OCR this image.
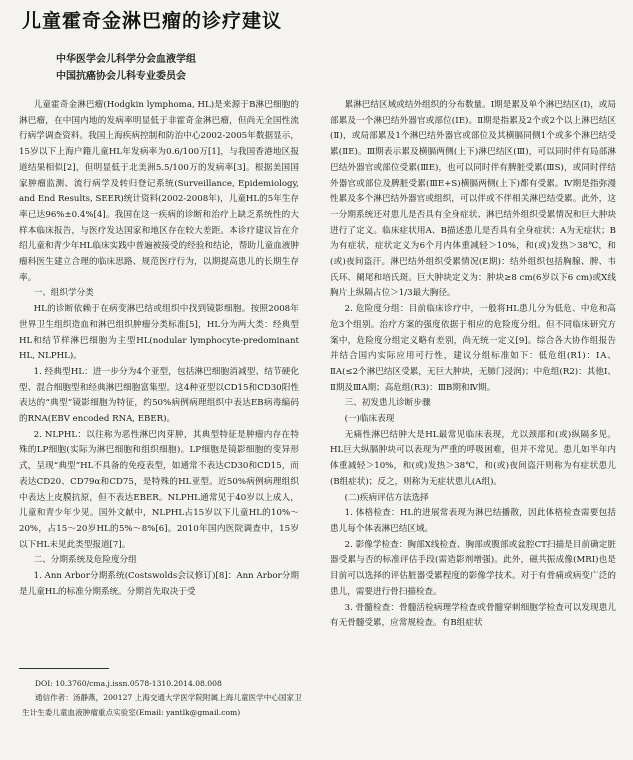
儿童霍奇金淋巴瘤的诊疗建议
中华医学会儿科学分会血液学组
中国抗癌协会儿科专业委员会

儿童霍奇金淋巴瘤(Hodgkin lymphoma, HL)是来源于B淋巴细胞的淋巴瘤，在中国内地的发病率明显低于非霍奇金淋巴瘤，但尚无全国性流行病学调查资料。我国上海疾病控制和防治中心2002-2005年数据显示，15岁以下上海户籍儿童HL年发病率为0.6/100万[1]，与我国香港地区报道结果相似[2]，但明显低于北美洲5.5/100万的发病率[3]。根据美国国家肿瘤监测、流行病学及转归登记系统(Surveillance, Epidemiology, and End Results, SEER)统计资料(2002-2008年)，儿童HL的5年生存率已达96%±0.4%[4]。我国在这一疾病的诊断和治疗上缺乏系统性的大样本临床报告，与医疗发达国家和地区存在较大差距。本诊疗建议旨在介绍儿童和青少年HL临床实践中普遍被接受的经验和结论，帮助儿童血液肿瘤科医生建立合理的临床思路、规范医疗行为，以期提高患儿的长期生存率。

一、组织学分类

HL的诊断依赖于在病变淋巴结或组织中找到镜影细胞。按照2008年世界卫生组织造血和淋巴组织肿瘤分类标准[5]，HL分为两大类：经典型HL和结节样淋巴细胞为主型HL(nodular lymphocyte-predominant HL, NLPHL)。

1. 经典型HL：进一步分为4个亚型，包括淋巴细胞消减型、结节硬化型、混合细胞型和经典淋巴细胞富集型。这4种亚型以CD15和CD30阳性表达的“典型”镜影细胞为特征，约50%病例病理组织中表达EB病毒编码的RNA(EBV encoded RNA, EBER)。

2. NLPHL：以往称为恶性淋巴肉芽肿，其典型特征是肿瘤内存在特殊的LP细胞(实际为淋巴细胞和组织细胞)。LP细胞是镜影细胞的变异形式，呈现“典型”HL不具备的免疫表型，如通常不表达CD30和CD15，而表达CD20、CD79α和CD75，是特殊的HL亚型。近50%病例病理组织中表达上皮膜抗原，但不表达EBER。NLPHL通常见于40岁以上成人，儿童和青少年少见。国外文献中，NLPHL占15岁以下儿童HL的10%～20%，占15～20岁HL的5%～8%[6]。2010年国内医院调查中，15岁以下HL未见此类型报道[7]。

二、分期系统及危险度分组

1. Ann Arbor分期系统(Costswolds会议修订)[8]：Ann Arbor分期是儿童HL的标准分期系统。分期首先取决于受

累淋巴结区域或结外组织的分布数量。Ⅰ期是累及单个淋巴结区(Ⅰ)，或局部累及一个淋巴结外器官或部位(ⅠE)。Ⅱ期是指累及2个或2个以上淋巴结区(Ⅱ)，或局部累及1个淋巴结外器官或部位及其横膈同侧1个或多个淋巴结受累(ⅡE)。Ⅲ期表示累及横膈两侧(上下)淋巴结区(Ⅲ)，可以同时伴有局部淋巴结外器官或部位受累(ⅢE)，也可以同时伴有脾脏受累(ⅢS)，或同时伴结外器官或部位及脾脏受累(ⅢE+S)横膈两侧(上下)都有受累。Ⅳ期是指弥漫性累及多个淋巴结外器官或组织，可以伴或不伴相关淋巴结受累。此外，这一分期系统还对患儿是否具有全身症状、淋巴结外组织受累情况和巨大肿块进行了定义。临床症状用A、B描述患儿是否具有全身症状：A为无症状；B为有症状，症状定义为6个月内体重减轻＞10%，和(或)发热＞38℃，和(或)夜间盗汗。淋巴结外组织受累情况(E期)：结外组织包括胸腺、脾、韦氏环、阑尾和培氏斑。巨大肿块定义为：肿块≥8 cm(6岁以下6 cm)或X线胸片上纵隔占位＞1/3最大胸径。

2. 危险度分组：目前临床诊疗中，一般将HL患儿分为低危、中危和高危3个组别。治疗方案的强度依据于相应的危险度分组。但不同临床研究方案中，危险度分组定义略有差别，尚无统一定义[9]。综合各大协作组报告并结合国内实际应用可行性，建议分组标准如下：低危组(R1)：ⅠA、ⅡA(≤2个淋巴结区受累，无巨大肿块，无肺门浸润)；中危组(R2)：其他Ⅰ、Ⅱ期及ⅢA期；高危组(R3)：ⅢB期和Ⅳ期。

三、初发患儿诊断步骤

(一)临床表现

无痛性淋巴结肿大是HL最常见临床表现，尤以颈部和(或)纵隔多见。HL巨大纵膈肿块可以表现为严重的呼吸困难，但并不常见。患儿如半年内体重减轻＞10%，和(或)发热＞38℃，和(或)夜间盗汗则称为有症状患儿(B组症状)；反之，则称为无症状患儿(A组)。

(二)疾病评估方法选择

1. 体格检查：HL的进展常表现为淋巴结播散，因此体格检查需要包括患儿每个体表淋巴结区域。

2. 影像学检查：胸部X线检查、胸部或腹部或盆腔CT扫描是目前确定脏器受累与否的标准评估手段(需造影剂增强)。此外，磁共振成像(MRI)也是目前可以选择的评估脏器受累程度的影像学技术。对于有骨痛或病变广泛的患儿，需要进行骨扫描检查。

3. 骨髓检查：骨髓活检病理学检查或骨髓穿刺细胞学检查可以发现患儿有无骨髓受累，应常规检查。有B组症状

DOI: 10.3760/cma.j.issn.0578-1310.2014.08.008

通信作者：汤静燕，200127 上海交通大学医学院附属上海儿童医学中心国家卫生计生委儿童血液肿瘤重点实验室(Email: yantlk@gmail.com)
